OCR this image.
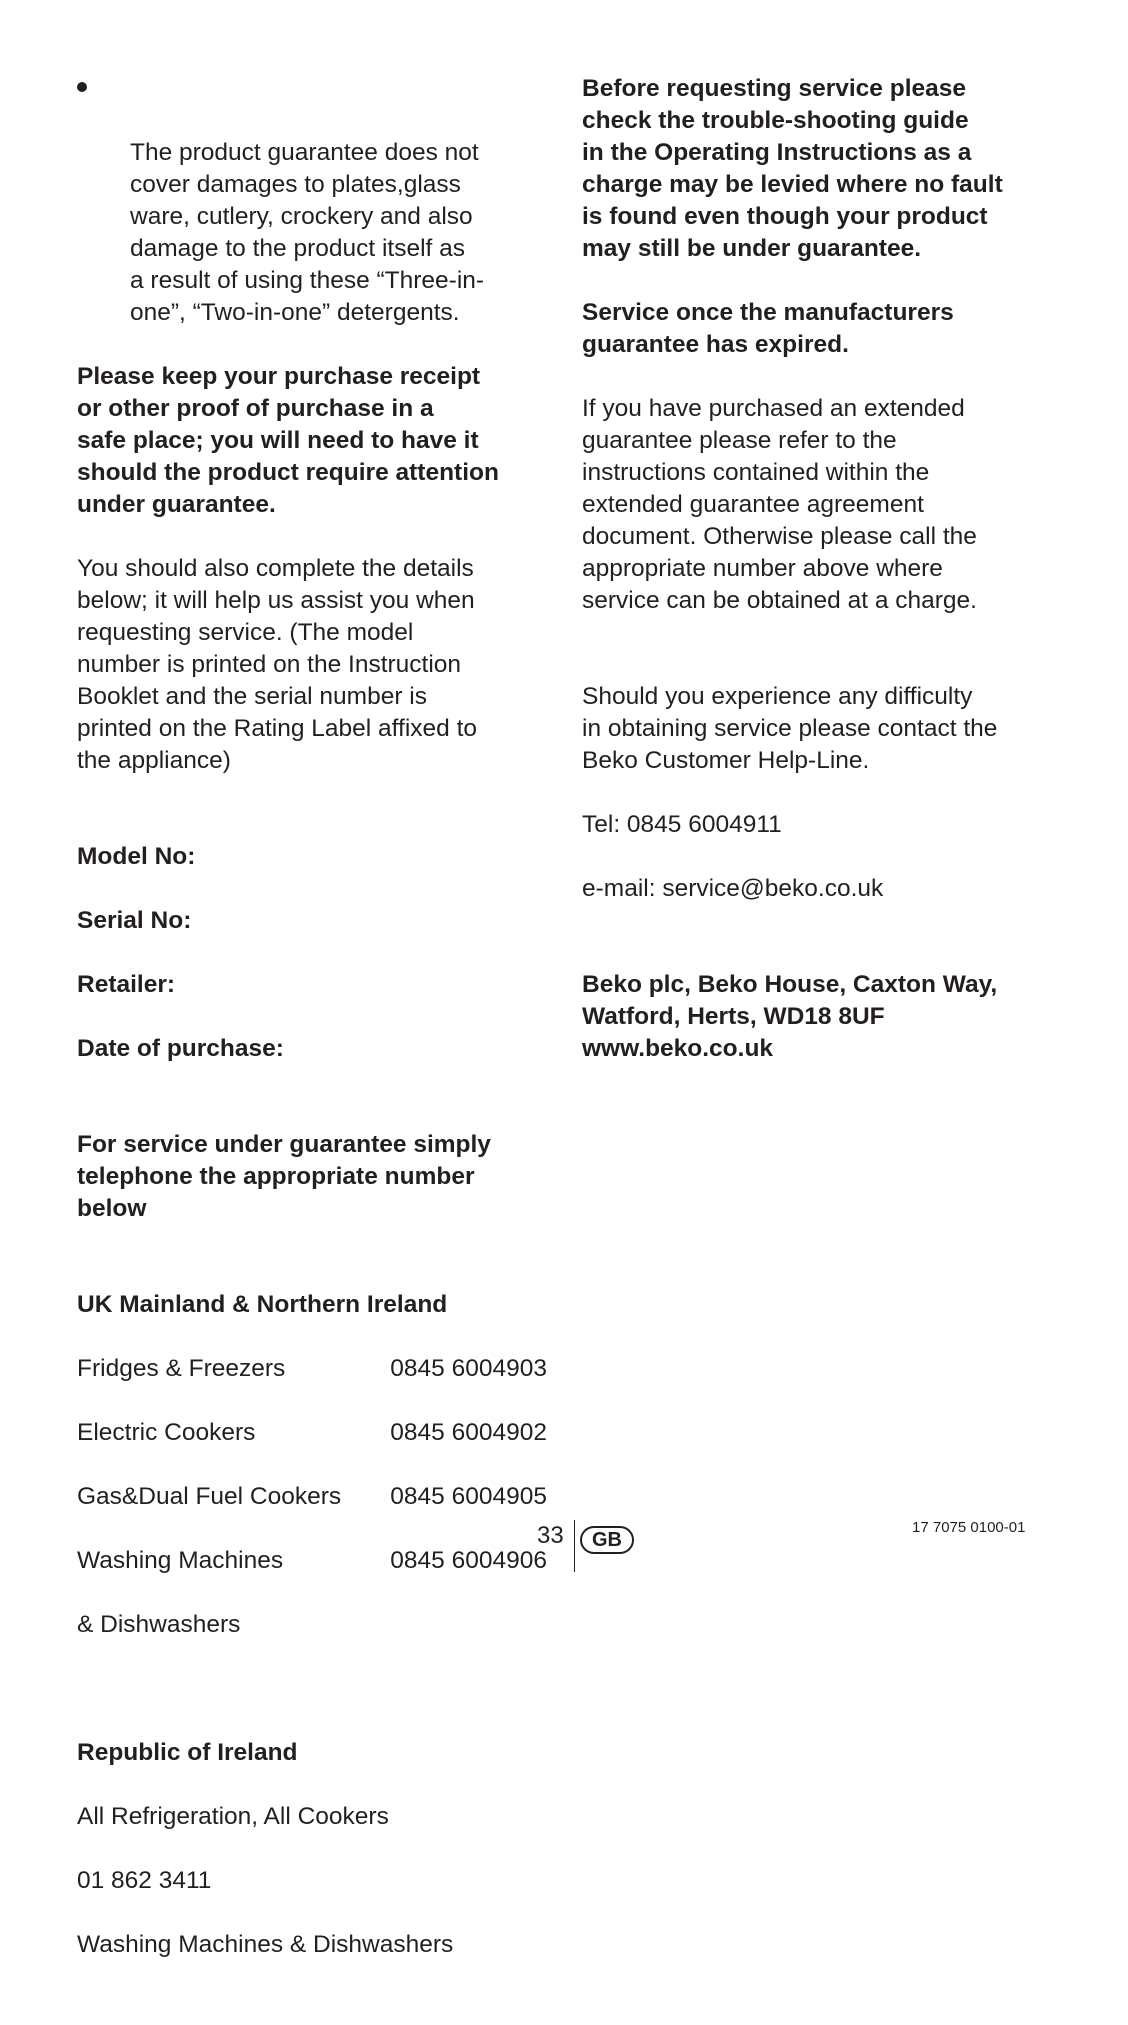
The product guarantee does not
cover damages to plates,glass
ware, cutlery, crockery and also
damage to the product itself as
a result of using these “Three-in-
one”, “Two-in-one” detergents.

Please keep your purchase receipt
or other proof of purchase in a
safe place; you will need to have it
should the product require attention
under guarantee.

You should also complete the details
below; it will help us assist you when
requesting service. (The model
number is printed on the Instruction
Booklet and the serial number is
printed on the Rating Label affixed to
the appliance)

Model No:

Serial No:

Retailer:

Date of purchase:

For service under guarantee simply
telephone the appropriate number
below

UK Mainland & Northern Ireland

Fridges & Freezers	0845 6004903

Electric Cookers	0845 6004902

Gas&Dual Fuel Cookers 0845 6004905

Washing Machines	0845 6004906

& Dishwashers

Republic of Ireland

All Refrigeration, All Cookers

01 862 3411

Washing Machines & Dishwashers

Before requesting service please
check the trouble-shooting guide
in the Operating Instructions as a
charge may be levied where no fault
is found even though your product
may still be under guarantee.

Service once the manufacturers
guarantee has expired.

If you have purchased an extended
guarantee please refer to the
instructions contained within the
extended guarantee agreement
document. Otherwise please call the
appropriate number above where
service can be obtained at a charge.

Should you experience any difficulty
in obtaining service please contact the
Beko Customer Help-Line.

Tel: 0845 6004911

e-mail: service@beko.co.uk

Beko plc, Beko House, Caxton Way,
Watford, Herts, WD18 8UF
www.beko.co.uk

33	GB
17 7075 0100-01
